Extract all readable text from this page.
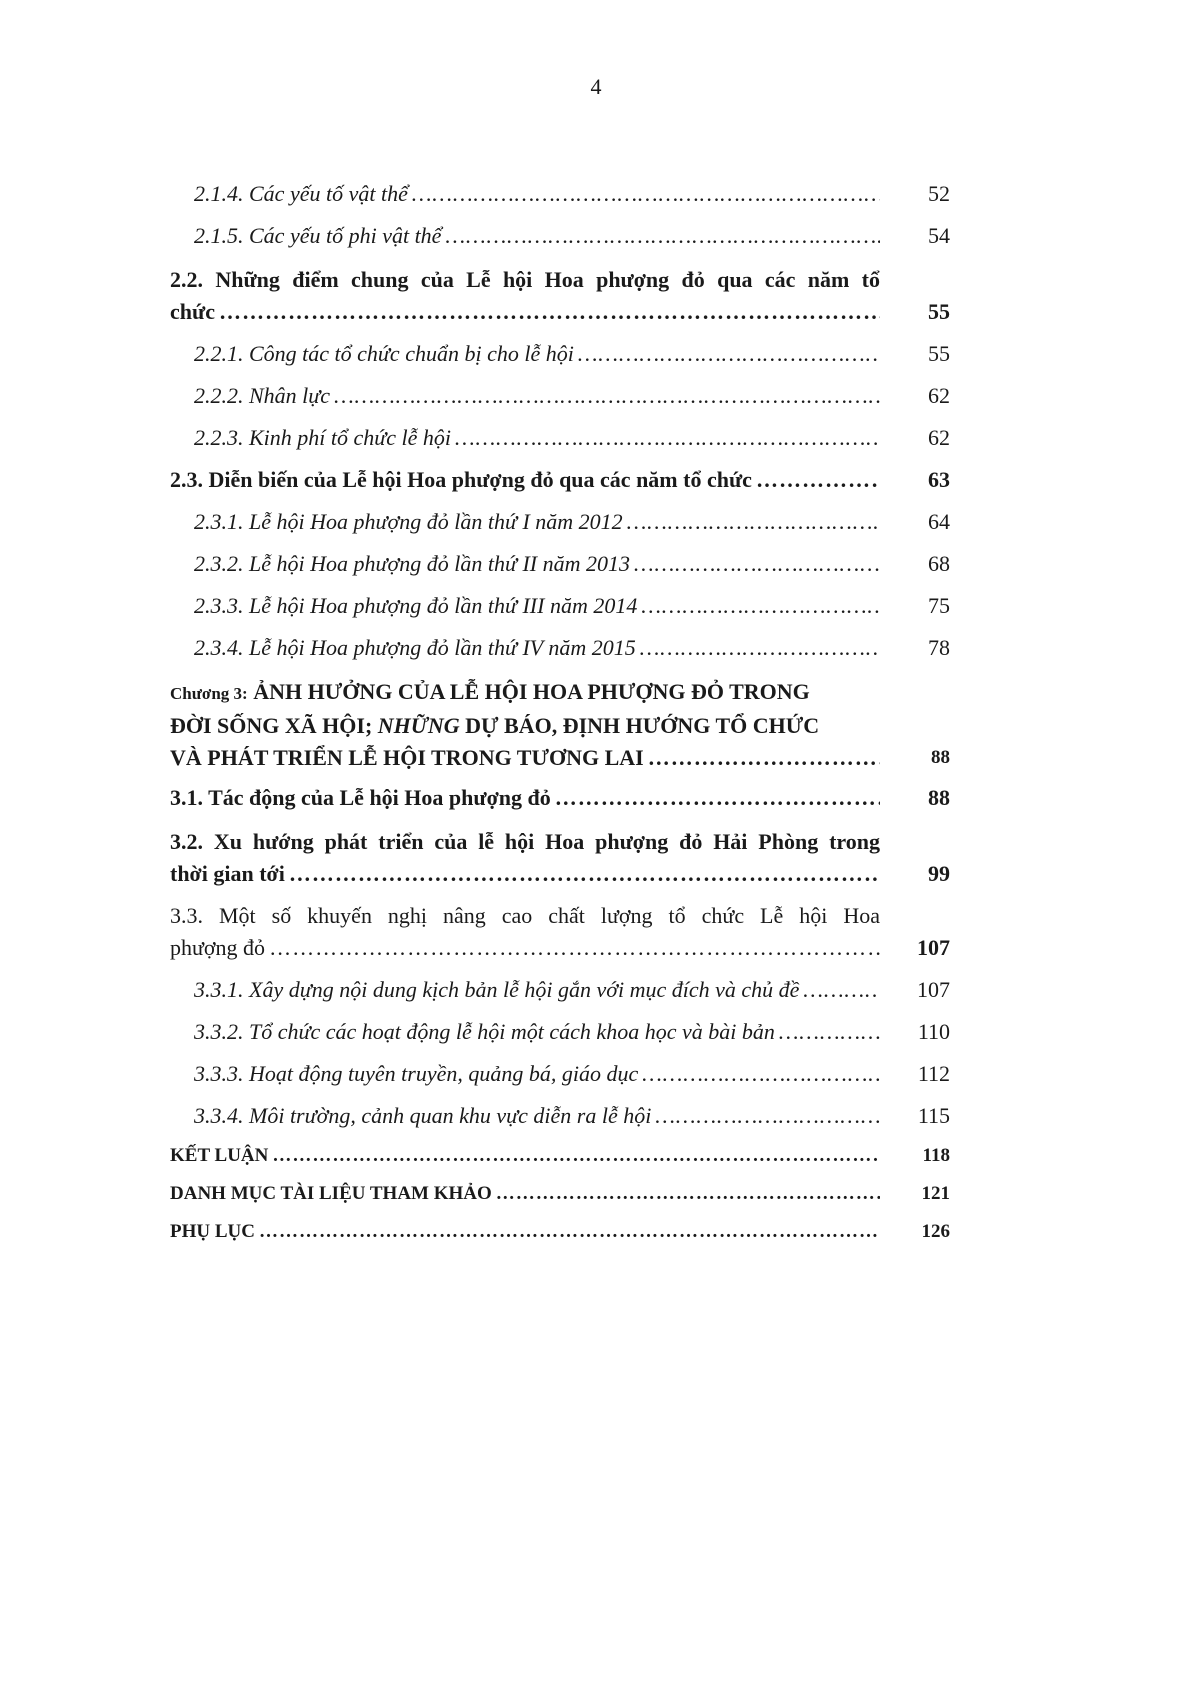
4
2.1.4. Các yếu tố vật thể ……………………………………………………………………………………………………………………………………………………………………	52
2.1.5. Các yếu tố phi vật thể ……………………………………………………………………………………………………………………………………………………………………	54
2.2. Những điểm chung của Lễ hội Hoa phượng đỏ qua các năm tổ
chức ……………………………………………………………………………………………………………………………………………………………………	55
2.2.1. Công tác tổ chức chuẩn bị cho lễ hội ……………………………………………………………………………………………………………………………………………………………………	55
2.2.2. Nhân lực ……………………………………………………………………………………………………………………………………………………………………	62
2.2.3. Kinh phí tổ chức lễ hội ……………………………………………………………………………………………………………………………………………………………………	62
2.3. Diễn biến của Lễ hội Hoa phượng đỏ qua các năm tổ chức ……………………………………………………………………………………………………………………………………………………………………	63
2.3.1. Lễ hội Hoa phượng đỏ lần thứ I năm 2012 ……………………………………………………………………………………………………………………………………………………………………	64
2.3.2. Lễ hội Hoa phượng đỏ lần thứ II năm 2013 ……………………………………………………………………………………………………………………………………………………………………	68
2.3.3. Lễ hội Hoa phượng đỏ lần thứ III năm 2014 ……………………………………………………………………………………………………………………………………………………………………	75
2.3.4. Lễ hội Hoa phượng đỏ lần thứ IV năm 2015 ……………………………………………………………………………………………………………………………………………………………………	78
Chương 3: ẢNH HƯỞNG CỦA LỄ HỘI HOA PHƯỢNG ĐỎ TRONG
ĐỜI SỐNG XÃ HỘI; NHỮNG DỰ BÁO, ĐỊNH HƯỚNG TỔ CHỨC
VÀ PHÁT TRIỂN LỄ HỘI TRONG TƯƠNG LAI ……………………………………………………………………………………………………………………………………………………………………	88
3.1. Tác động của Lễ hội Hoa phượng đỏ ……………………………………………………………………………………………………………………………………………………………………	88
3.2. Xu hướng phát triển của lễ hội Hoa phượng đỏ Hải Phòng trong
thời gian tới ……………………………………………………………………………………………………………………………………………………………………	99
3.3. Một số khuyến nghị nâng cao chất lượng tổ chức Lễ hội Hoa
phượng đỏ ……………………………………………………………………………………………………………………………………………………………………	107
3.3.1. Xây dựng nội dung kịch bản lễ hội gắn với mục đích và chủ đề ……………………………………………………………………………………………………………………………………………………………………	107
3.3.2. Tổ chức các hoạt động lễ hội một cách khoa học và bài bản ……………………………………………………………………………………………………………………………………………………………………	110
3.3.3. Hoạt động tuyên truyền, quảng bá, giáo dục ……………………………………………………………………………………………………………………………………………………………………	112
3.3.4. Môi trường, cảnh quan khu vực diễn ra lễ hội ……………………………………………………………………………………………………………………………………………………………………	115
KẾT LUẬN ……………………………………………………………………………………………………………………………………………………………………	118
DANH MỤC TÀI LIỆU THAM KHẢO ……………………………………………………………………………………………………………………………………………………………………	121
PHỤ LỤC ……………………………………………………………………………………………………………………………………………………………………	126
